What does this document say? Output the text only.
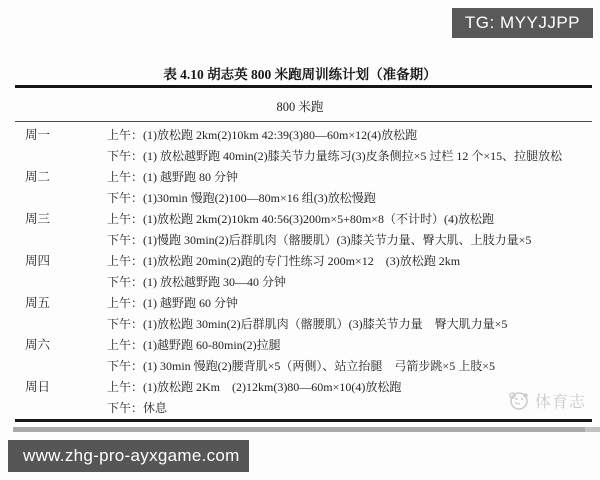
TG: MYYJJPP
表 4.10 胡志英 800 米跑周训练计划（准备期）
800 米跑
周一	上午：(1)放松跑 2km(2)10km 42:39(3)80—60m×12(4)放松跑
下午：(1) 放松越野跑 40min(2)膝关节力量练习(3)皮条侧拉×5 过栏 12 个×15、拉腿放松
周二	上午：(1) 越野跑 80 分钟
下午：(1)30min 慢跑(2)100—80m×16 组(3)放松慢跑
周三	上午：(1)放松跑 2km(2)10km 40:56(3)200m×5+80m×8（不计时）(4)放松跑
下午：(1)慢跑 30min(2)后群肌肉（髂腰肌）(3)膝关节力量、臀大肌、上肢力量×5
周四	上午：(1)放松跑 20min(2)跑的专门性练习 200m×12　(3)放松跑 2km
下午：(1) 放松越野跑 30—40 分钟
周五	上午：(1) 越野跑 60 分钟
下午：(1)放松跑 30min(2)后群肌肉（髂腰肌）(3)膝关节力量　臀大肌力量×5
周六	上午：(1)越野跑 60-80min(2)拉腿
下午：(1) 30min 慢跑(2)腰背肌×5（两侧）、站立抬腿　弓箭步跳×5 上肢×5
周日	上午：(1)放松跑 2Km　(2)12km(3)80—60m×10(4)放松跑
下午：休息	体育志
www.zhg-pro-ayxgame.com
